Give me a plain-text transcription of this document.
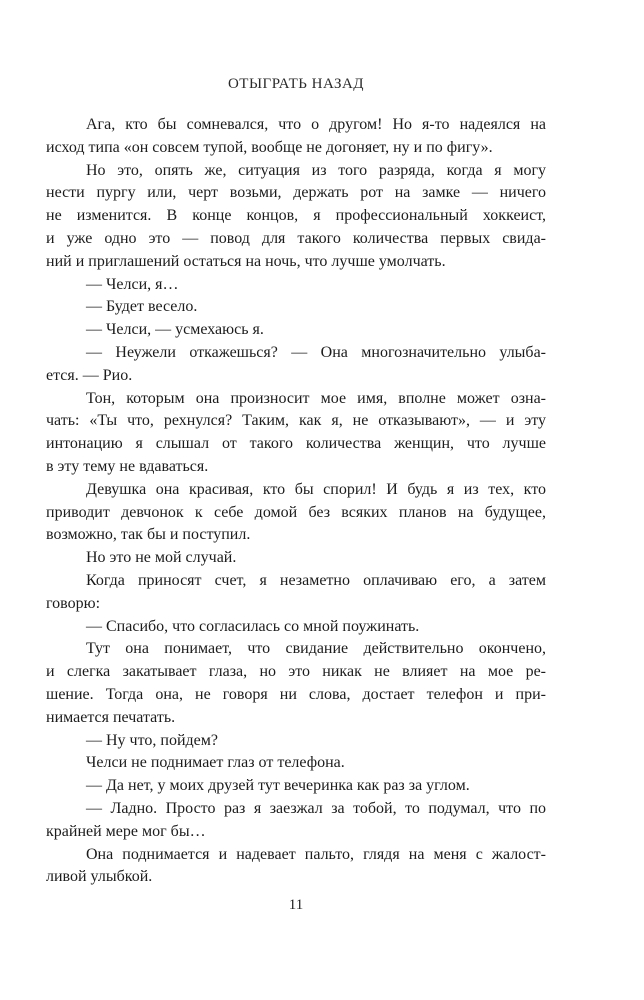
ОТЫГРАТЬ НАЗАД

Ага, кто бы сомневался, что о другом! Но я-то надеялся на
исход типа «он совсем тупой, вообще не догоняет, ну и по фигу».

Но это, опять же, ситуация из того разряда, когда я могу
нести пургу или, черт возьми, держать рот на замке — ничего
не изменится. В конце концов, я профессиональный хоккеист,
и уже одно это — повод для такого количества первых свида-
ний и приглашений остаться на ночь, что лучше умолчать.

— Челси, я…

— Будет весело.

— Челси, — усмехаюсь я.

— Неужели откажешься? — Она многозначительно улыба-
ется. — Рио.

Тон, которым она произносит мое имя, вполне может озна-
чать: «Ты что, рехнулся? Таким, как я, не отказывают», — и эту
интонацию я слышал от такого количества женщин, что лучше
в эту тему не вдаваться.

Девушка она красивая, кто бы спорил! И будь я из тех, кто
приводит девчонок к себе домой без всяких планов на будущее,
возможно, так бы и поступил.

Но это не мой случай.

Когда приносят счет, я незаметно оплачиваю его, а затем
говорю:

— Спасибо, что согласилась со мной поужинать.

Тут она понимает, что свидание действительно окончено,
и слегка закатывает глаза, но это никак не влияет на мое ре-
шение. Тогда она, не говоря ни слова, достает телефон и при-
нимается печатать.

— Ну что, пойдем?

Челси не поднимает глаз от телефона.

— Да нет, у моих друзей тут вечеринка как раз за углом.

— Ладно. Просто раз я заезжал за тобой, то подумал, что по
крайней мере мог бы…

Она поднимается и надевает пальто, глядя на меня с жалост-
ливой улыбкой.

11
